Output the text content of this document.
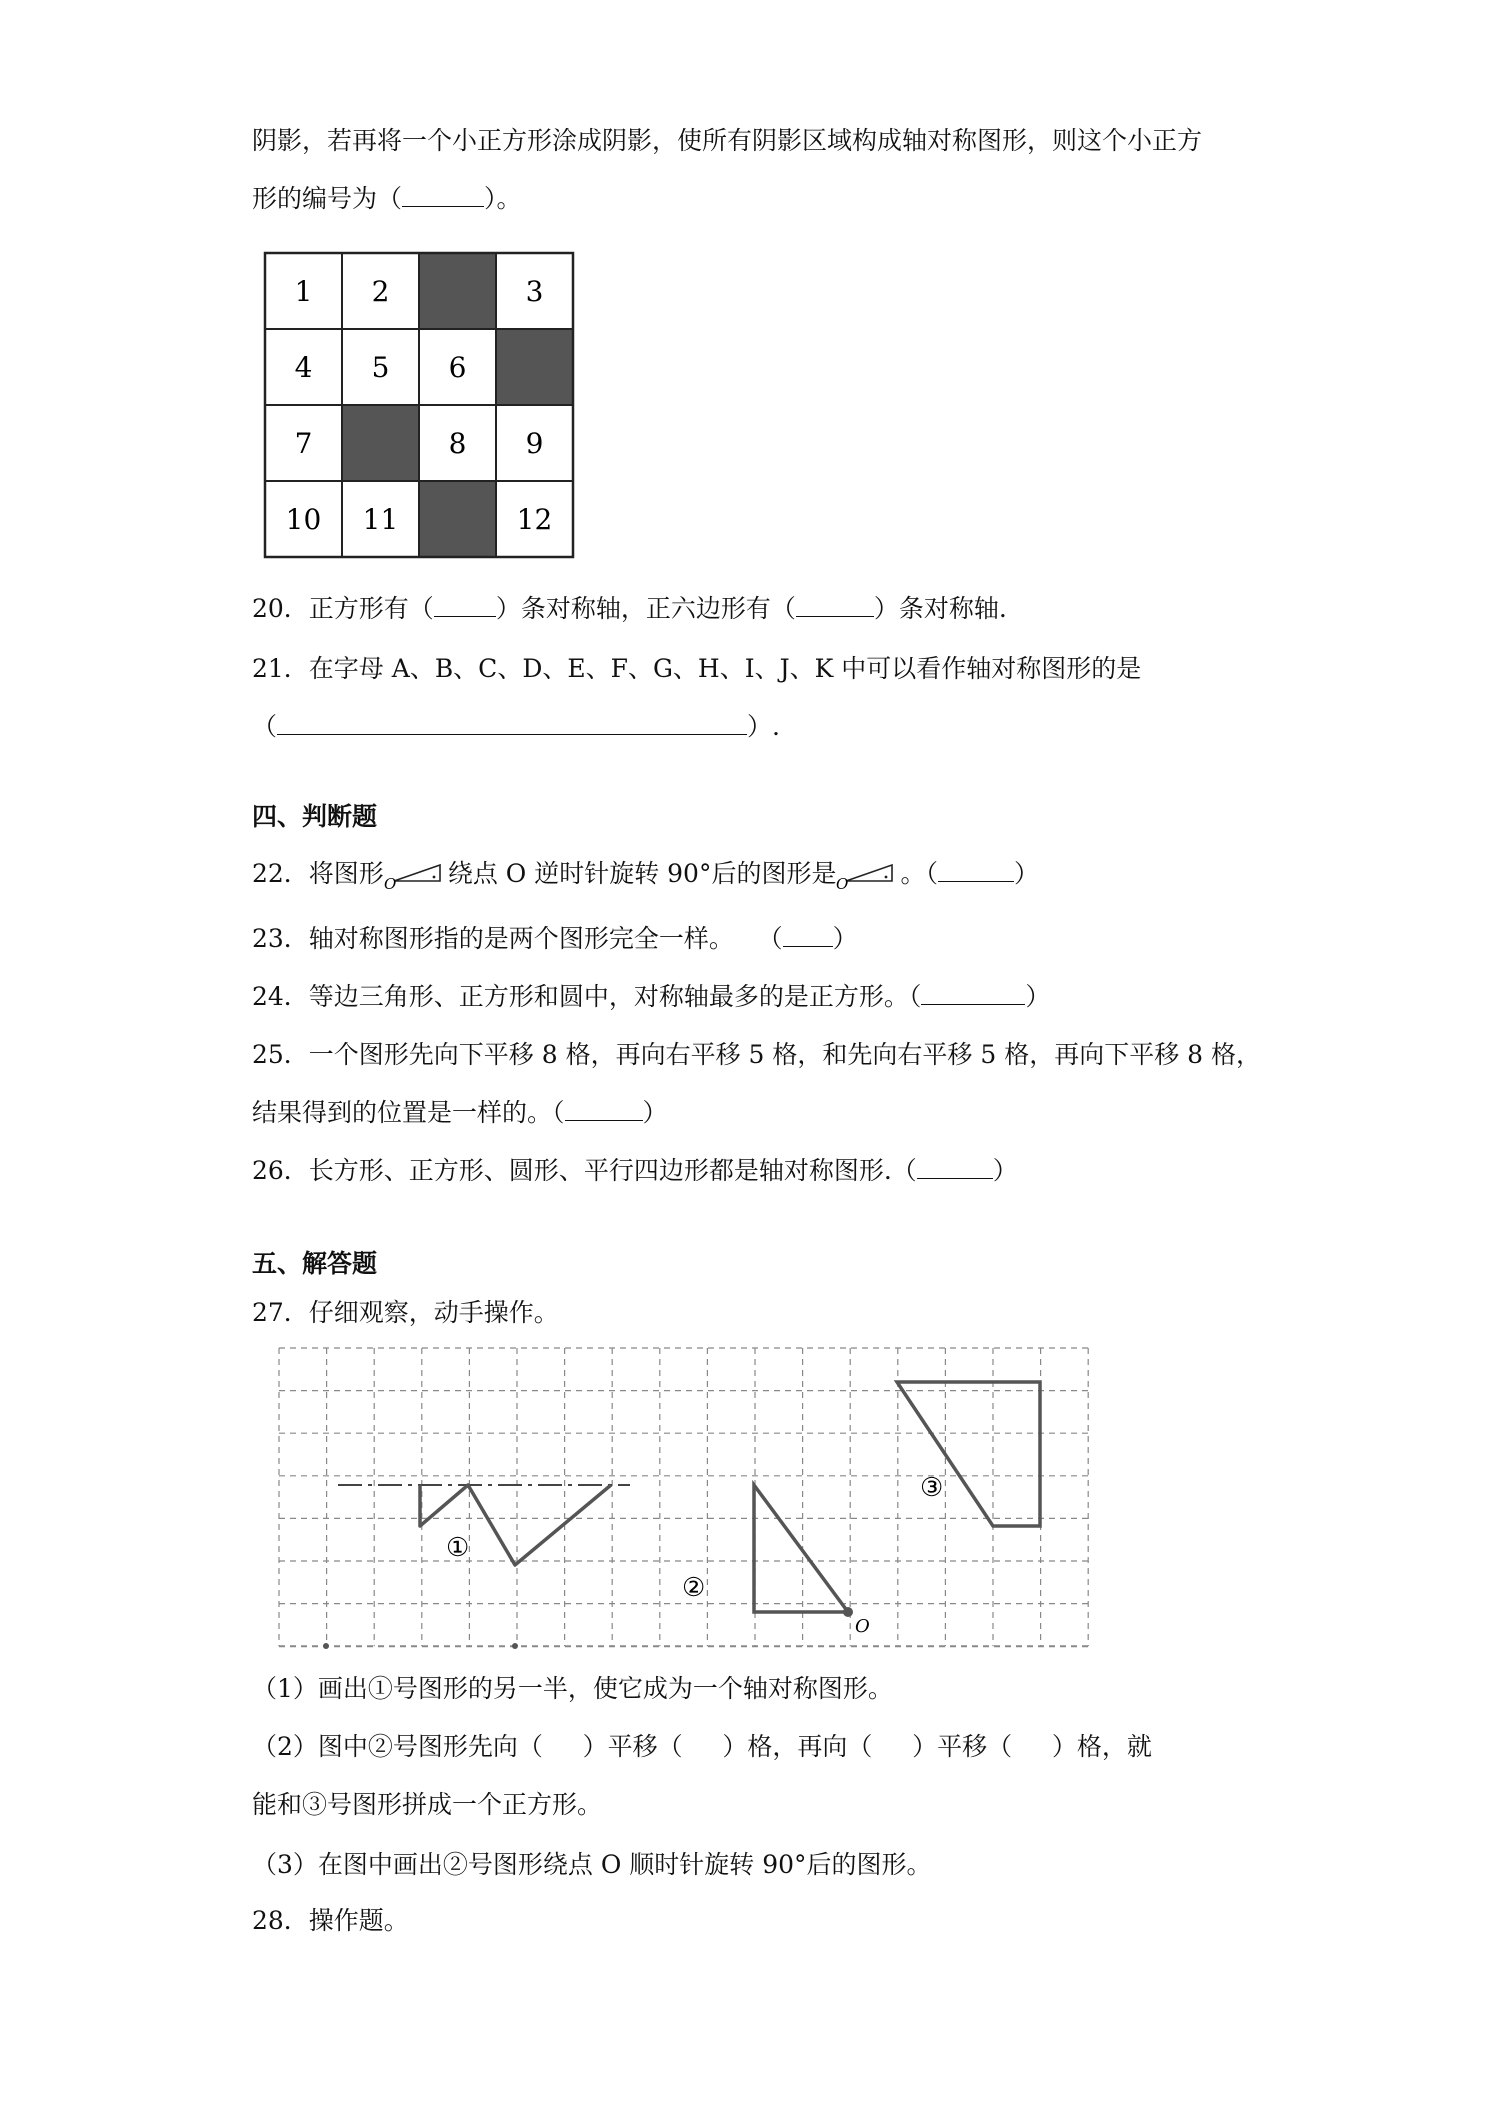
阴影，若再将一个小正方形涂成阴影，使所有阴影区域构成轴对称图形，则这个小正方
形的编号为（	）。
1 2	3
4 5 6
7	8 9
10 11	12
20．正方形有（ ）条对称轴，正六边形有（	）条对称轴.
21．在字母 A、B、C、D、E、F、G、H、I、J、K 中可以看作轴对称图形的是
（	）.
四、判断题
22．将图形 O 绕点 O 逆时针旋转 90°后的图形是 O 。（	）
23．轴对称图形指的是两个图形完全一样。   （ ）
24．等边三角形、正方形和圆中，对称轴最多的是正方形。（	）
25．一个图形先向下平移 8 格，再向右平移 5 格，和先向右平移 5 格，再向下平移 8 格，
结果得到的位置是一样的。（	）
26．长方形、正方形、圆形、平行四边形都是轴对称图形.（	）
五、解答题
27．仔细观察，动手操作。
O
①
②
③
（1）画出①号图形的另一半，使它成为一个轴对称图形。
（2）图中②号图形先向（     ）平移（     ）格，再向（     ）平移（     ）格，就
能和③号图形拼成一个正方形。
（3）在图中画出②号图形绕点 O 顺时针旋转 90°后的图形。
28．操作题。
